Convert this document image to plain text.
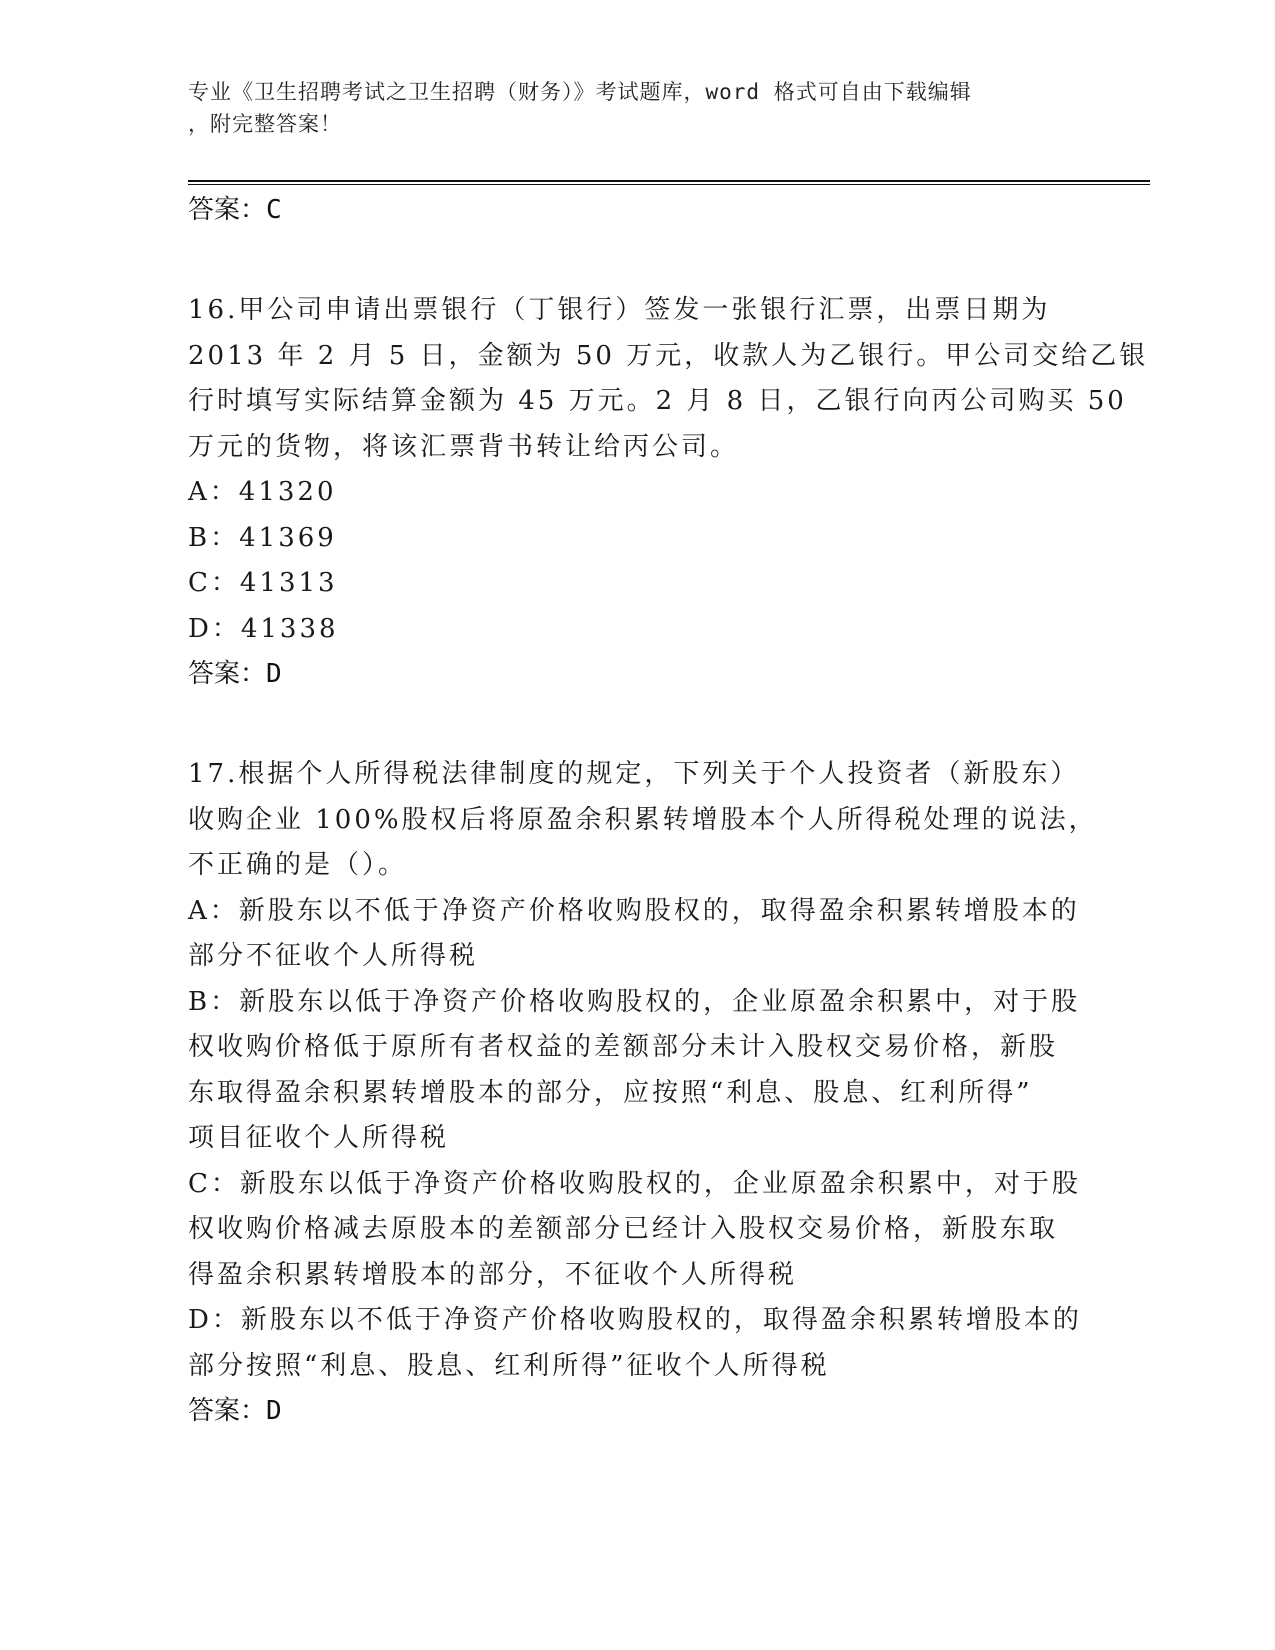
专业《卫生招聘考试之卫生招聘（财务）》考试题库，word 格式可自由下载编辑
，附完整答案！
答案：C
16.甲公司申请出票银行（丁银行）签发一张银行汇票，出票日期为
2013 年 2 月 5 日，金额为 50 万元，收款人为乙银行。甲公司交给乙银
行时填写实际结算金额为 45 万元。2 月 8 日，乙银行向丙公司购买 50
万元的货物，将该汇票背书转让给丙公司。
A：41320
B：41369
C：41313
D：41338
答案：D
17.根据个人所得税法律制度的规定，下列关于个人投资者（新股东）
收购企业 100%股权后将原盈余积累转增股本个人所得税处理的说法，
不正确的是（）。
A：新股东以不低于净资产价格收购股权的，取得盈余积累转增股本的
部分不征收个人所得税
B：新股东以低于净资产价格收购股权的，企业原盈余积累中，对于股
权收购价格低于原所有者权益的差额部分未计入股权交易价格，新股
东取得盈余积累转增股本的部分，应按照“利息、股息、红利所得”
项目征收个人所得税
C：新股东以低于净资产价格收购股权的，企业原盈余积累中，对于股
权收购价格减去原股本的差额部分已经计入股权交易价格，新股东取
得盈余积累转增股本的部分，不征收个人所得税
D：新股东以不低于净资产价格收购股权的，取得盈余积累转增股本的
部分按照“利息、股息、红利所得”征收个人所得税
答案：D
